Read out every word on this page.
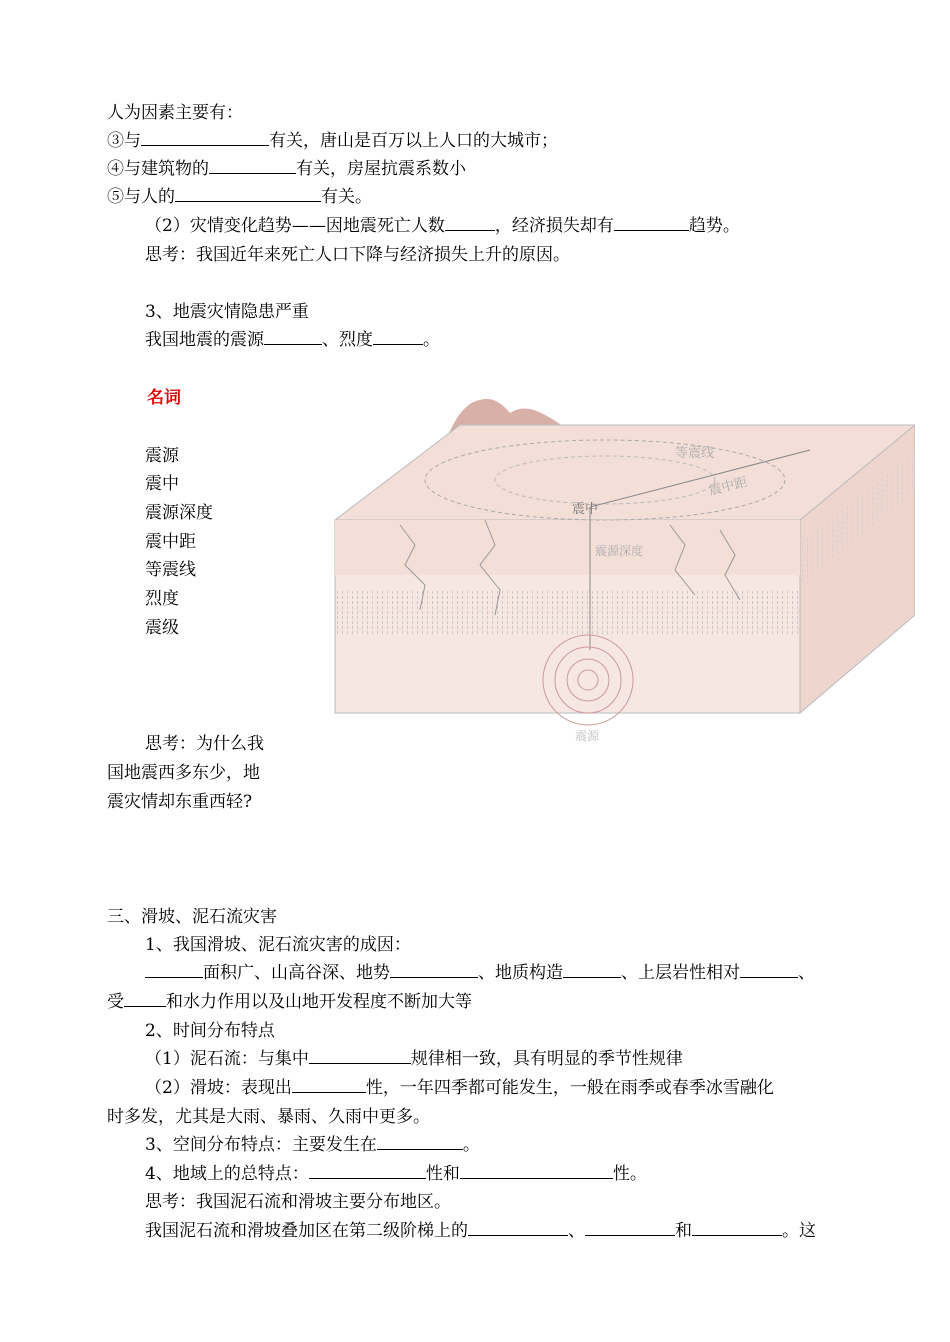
人为因素主要有：
③与	有关，唐山是百万以上人口的大城市；
④与建筑物的	有关，房屋抗震系数小
⑤与人的	有关。
（2）灾情变化趋势——因地震死亡人数	，经济损失却有	趋势。
思考：我国近年来死亡人口下降与经济损失上升的原因。
3、地震灾情隐患严重
我国地震的震源	、烈度	。
名词
震源
震中
震源深度
震中距
等震线
烈度
震级
等震线
震中距
震中
震源深度
震源
思考：为什么我
国地震西多东少，地
震灾情却东重西轻?
三、滑坡、泥石流灾害
1、我国滑坡、泥石流灾害的成因：
面积广、山高谷深、地势	、地质构造	、上层岩性相对	、
受 和水力作用以及山地开发程度不断加大等
2、时间分布特点
（1）泥石流：与集中	规律相一致，具有明显的季节性规律
（2）滑坡：表现出	性，一年四季都可能发生，一般在雨季或春季冰雪融化
时多发，尤其是大雨、暴雨、久雨中更多。
3、空间分布特点：主要发生在	。
4、地域上的总特点：	性和	性。
思考：我国泥石流和滑坡主要分布地区。
我国泥石流和滑坡叠加区在第二级阶梯上的	、	和	。这
